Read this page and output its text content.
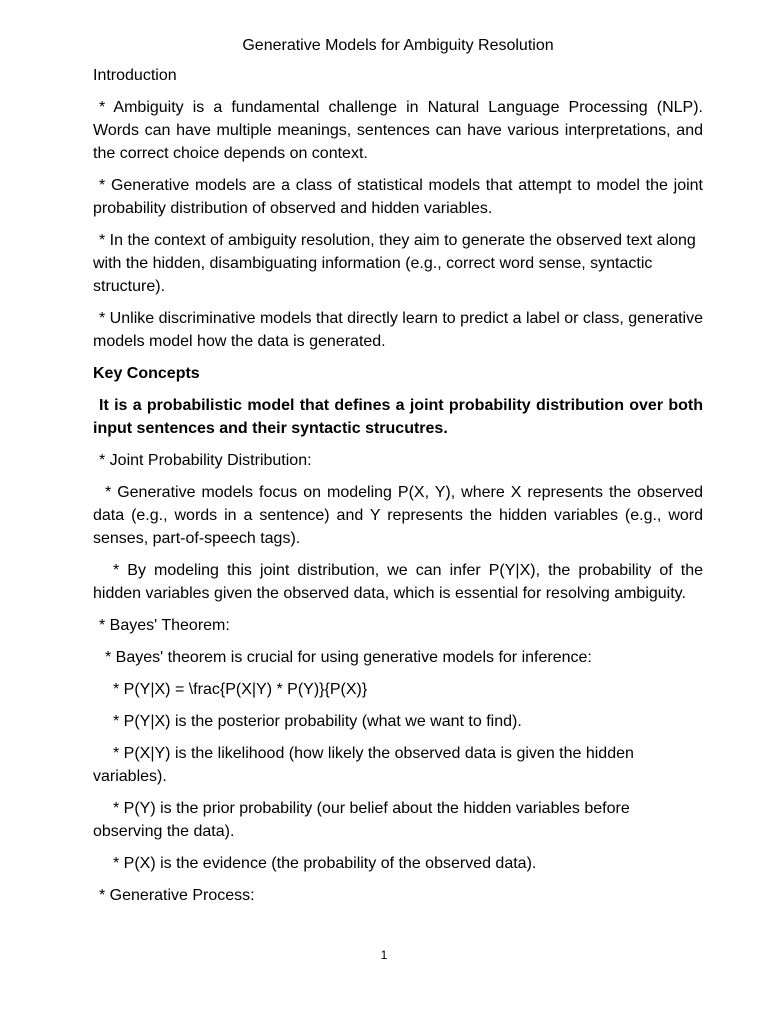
Generative Models for Ambiguity Resolution

Introduction

* Ambiguity is a fundamental challenge in Natural Language Processing (NLP). Words can have multiple meanings, sentences can have various interpretations, and the correct choice depends on context.

* Generative models are a class of statistical models that attempt to model the joint probability distribution of observed and hidden variables.

* In the context of ambiguity resolution, they aim to generate the observed text along with the hidden, disambiguating information (e.g., correct word sense, syntactic structure).

* Unlike discriminative models that directly learn to predict a label or class, generative models model how the data is generated.

Key Concepts

It is a probabilistic model that defines a joint probability distribution over both input sentences and their syntactic strucutres.

* Joint Probability Distribution:

* Generative models focus on modeling P(X, Y), where X represents the observed data (e.g., words in a sentence) and Y represents the hidden variables (e.g., word senses, part-of-speech tags).

* By modeling this joint distribution, we can infer P(Y|X), the probability of the hidden variables given the observed data, which is essential for resolving ambiguity.

* Bayes' Theorem:

* Bayes' theorem is crucial for using generative models for inference:

* P(Y|X) = \frac{P(X|Y) * P(Y)}{P(X)}

* P(Y|X) is the posterior probability (what we want to find).

* P(X|Y) is the likelihood (how likely the observed data is given the hidden variables).

* P(Y) is the prior probability (our belief about the hidden variables before observing the data).

* P(X) is the evidence (the probability of the observed data).

* Generative Process:

1
